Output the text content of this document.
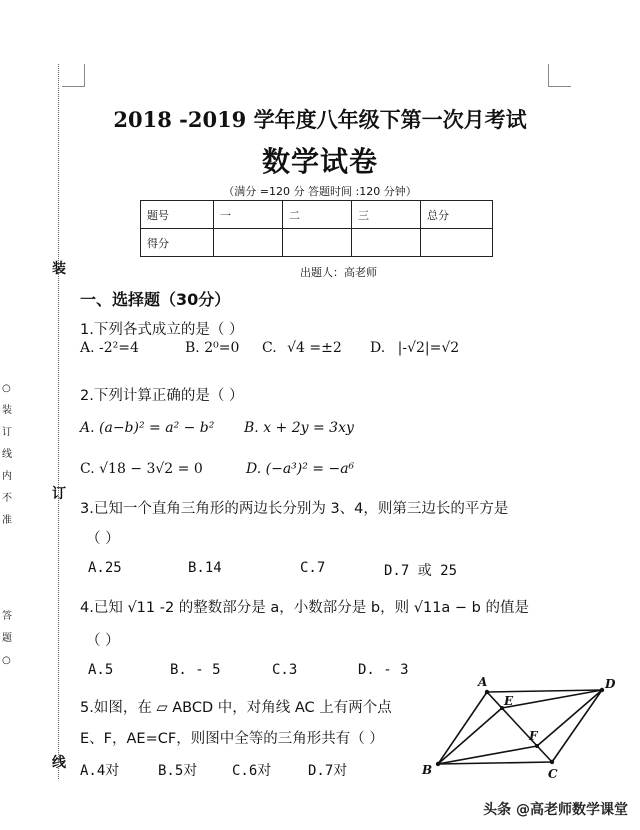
装
订
线
○
装
订
线
内
不
准
答
题
○
2018 -2019 学年度八年级下第一次月考试
数学试卷
（满分 =120 分 答题时间 :120 分钟）
题号	一	二	三	总分
得分				
出题人：高老师
一、选择题（30分）
1.下列各式成立的是（ ）
A. -2²=4	B. 2⁰=0 C. √4 =±2 D. |-√2|=√2
2.下列计算正确的是（ ）
A. (a−b)² = a² − b² B. x + 2y = 3xy
C. √18 − 3√2 = 0	D. (−a³)² = −a⁶
3.已知一个直角三角形的两边长分别为 3、4，则第三边长的平方是
（ ）
A.25	B.14	C.7	D.7 或 25
4.已知 √11 -2 的整数部分是 a，小数部分是 b，则 √11a − b 的值是
（ ）
A.5	B. - 5	C.3	D. - 3
5.如图，在 ▱ ABCD 中，对角线 AC 上有两个点
E、F，AE=CF，则图中全等的三角形共有（ ）
A.4对	B.5对 C.6对	D.7对
A	D
E
F
B	C
头条 @高老师数学课堂
